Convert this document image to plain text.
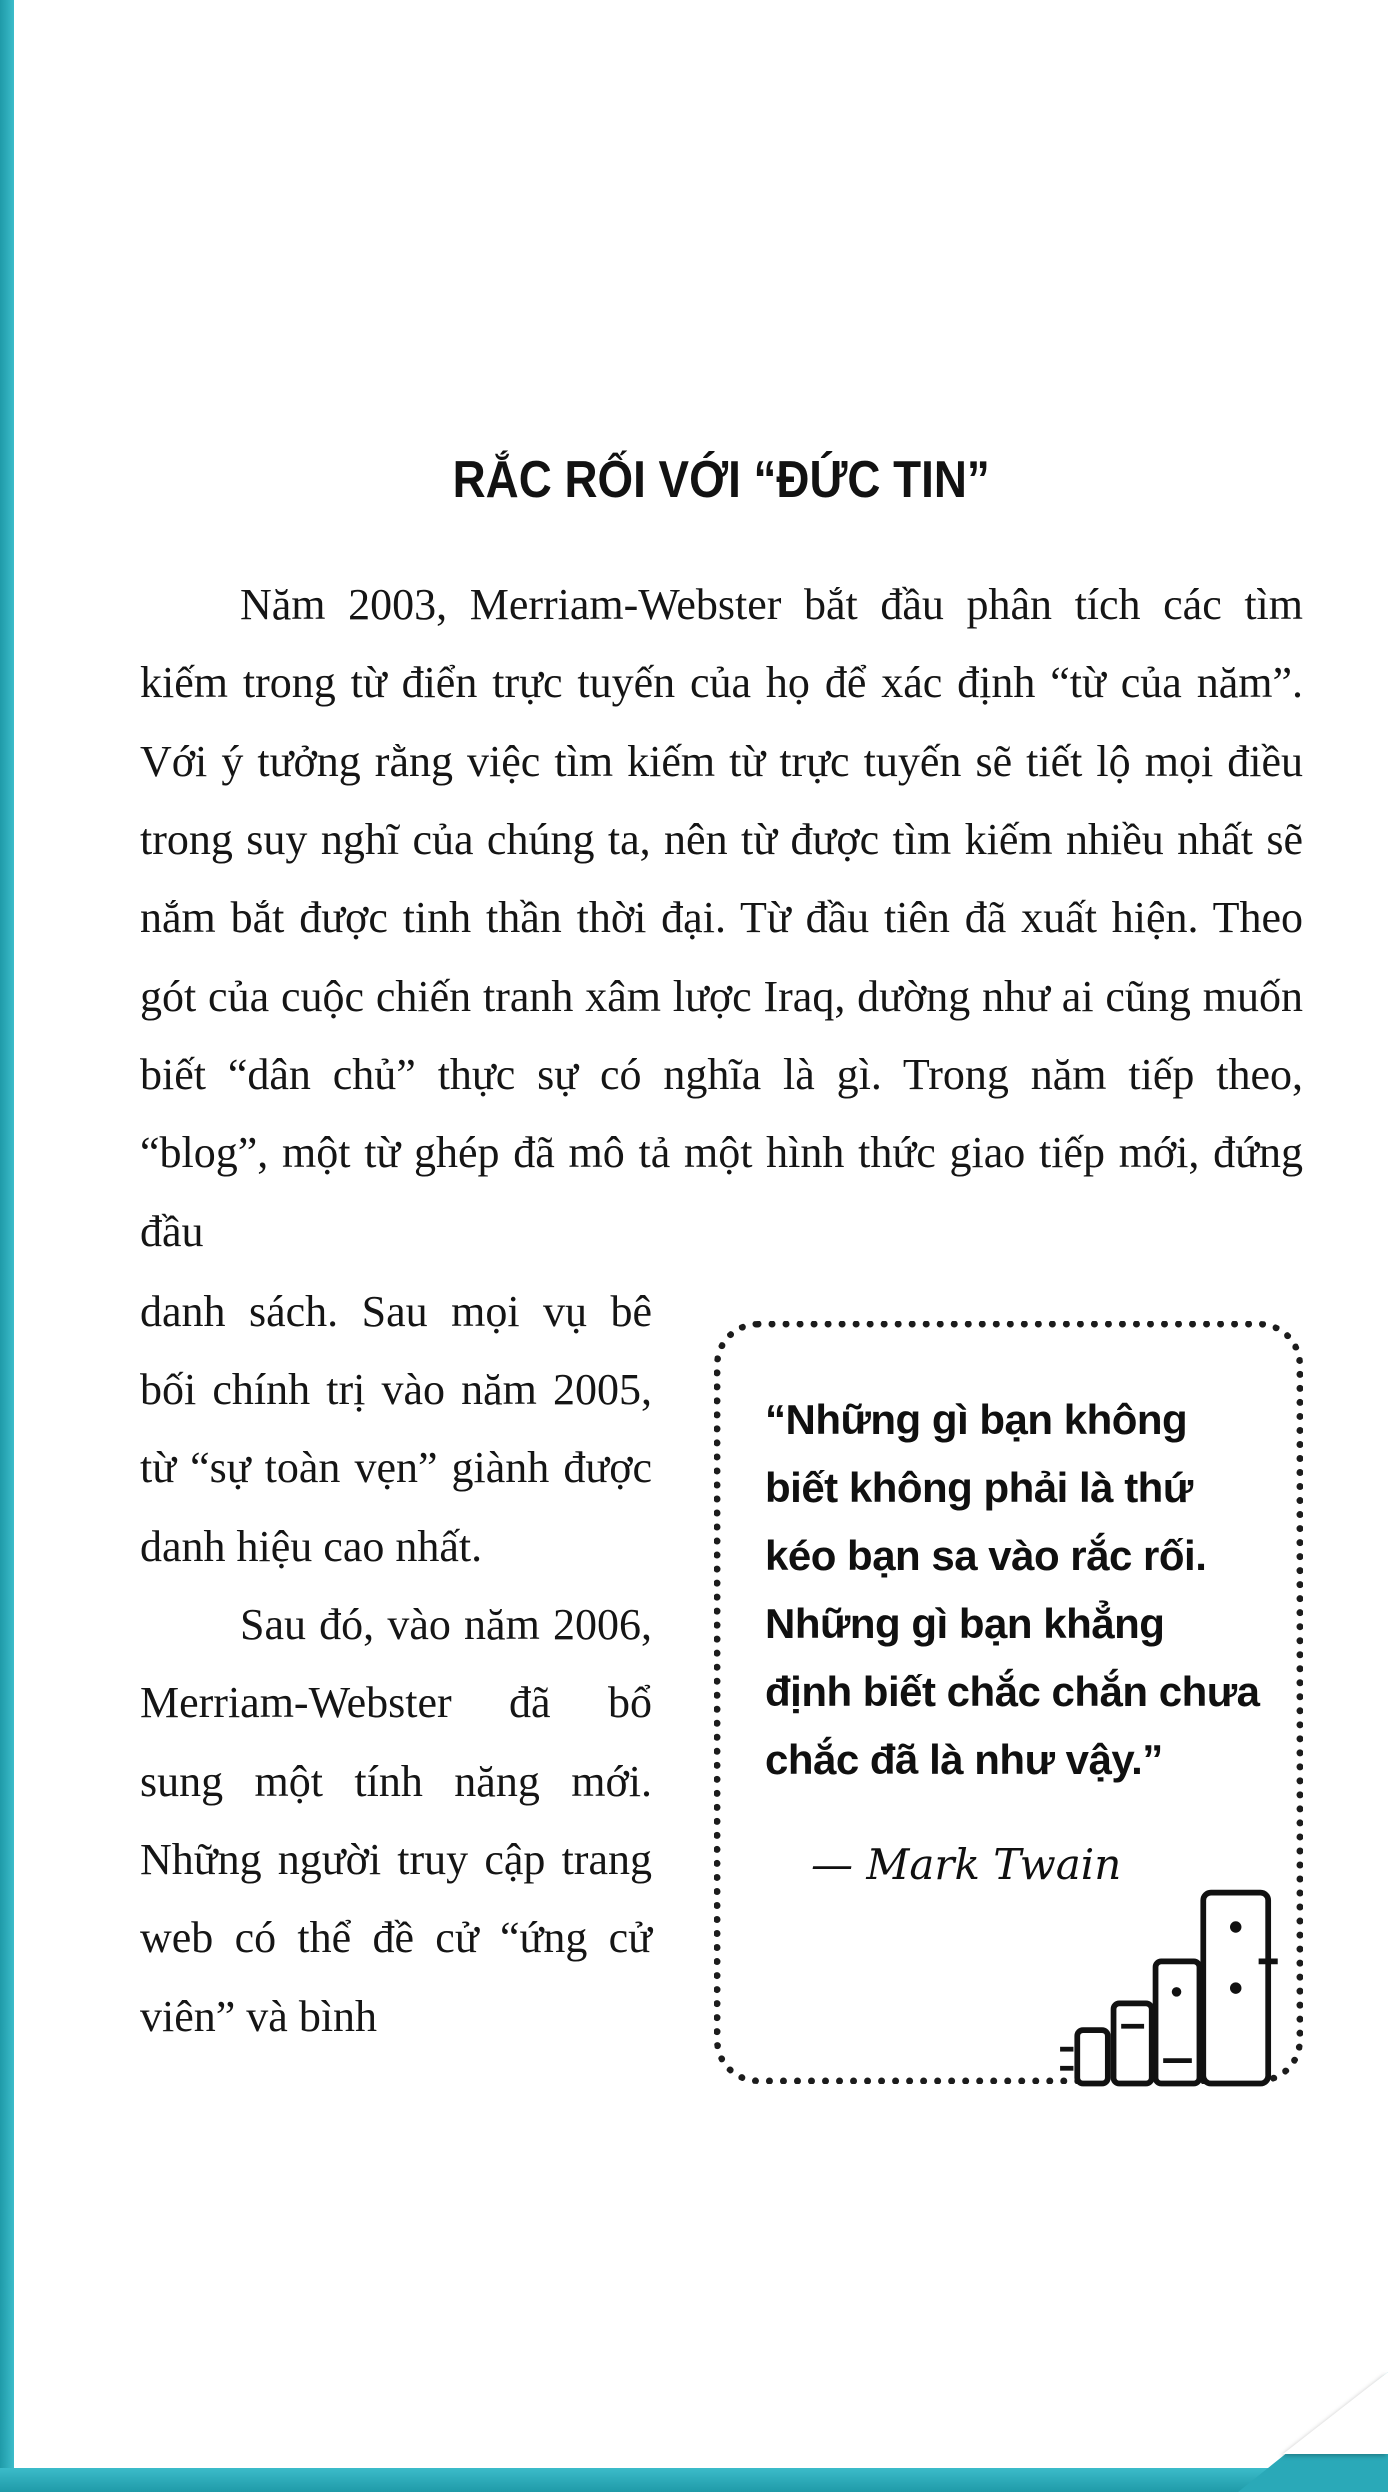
RẮC RỐI VỚI “ĐỨC TIN”

Năm 2003, Merriam-Webster bắt đầu phân tích các tìm kiếm trong từ điển trực tuyến của họ để xác định “từ của năm”. Với ý tưởng rằng việc tìm kiếm từ trực tuyến sẽ tiết lộ mọi điều trong suy nghĩ của chúng ta, nên từ được tìm kiếm nhiều nhất sẽ nắm bắt được tinh thần thời đại. Từ đầu tiên đã xuất hiện. Theo gót của cuộc chiến tranh xâm lược Iraq, dường như ai cũng muốn biết “dân chủ” thực sự có nghĩa là gì. Trong năm tiếp theo, “blog”, một từ ghép đã mô tả một hình thức giao tiếp mới, đứng đầu

danh sách. Sau mọi vụ bê bối chính trị vào năm 2005, từ “sự toàn vẹn” giành được danh hiệu cao nhất.

Sau đó, vào năm 2006, Merriam-Webster đã bổ sung một tính năng mới. Những người truy cập trang web có thể đề cử “ứng cử viên” và bình

“Những gì bạn không biết không phải là thứ kéo bạn sa vào rắc rối. Những gì bạn khẳng định biết chắc chắn chưa chắc đã là như vậy.”

— Mark Twain
